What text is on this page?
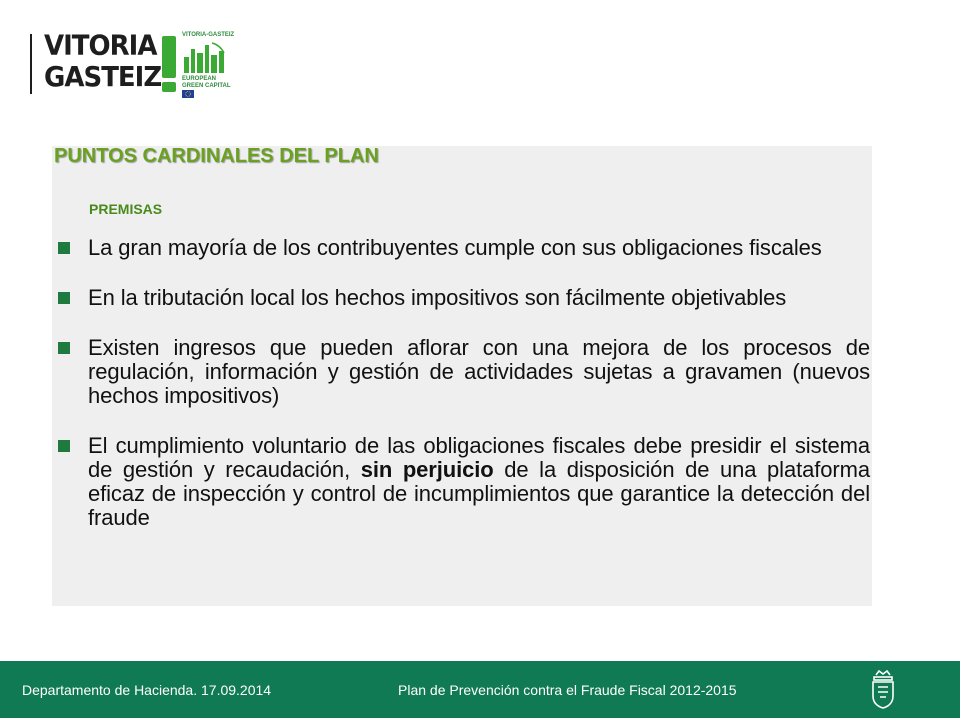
VITORIA
GASTEIZ
VITORIA-GASTEIZ
EUROPEAN
GREEN CAPITAL
PUNTOS CARDINALES DEL PLAN
PREMISAS
La gran mayoría de los contribuyentes cumple con sus obligaciones fiscales
En la tributación local los hechos impositivos son fácilmente objetivables
Existen ingresos que pueden aflorar con una mejora de los procesos de regulación, información y gestión de actividades sujetas a gravamen (nuevos hechos impositivos)
El cumplimiento voluntario de las obligaciones fiscales debe presidir el sistema de gestión y recaudación, sin perjuicio de la disposición de una plataforma eficaz de inspección y control de incumplimientos que garantice la detección del fraude
Departamento de Hacienda. 17.09.2014	Plan de Prevención contra el Fraude Fiscal 2012-2015
